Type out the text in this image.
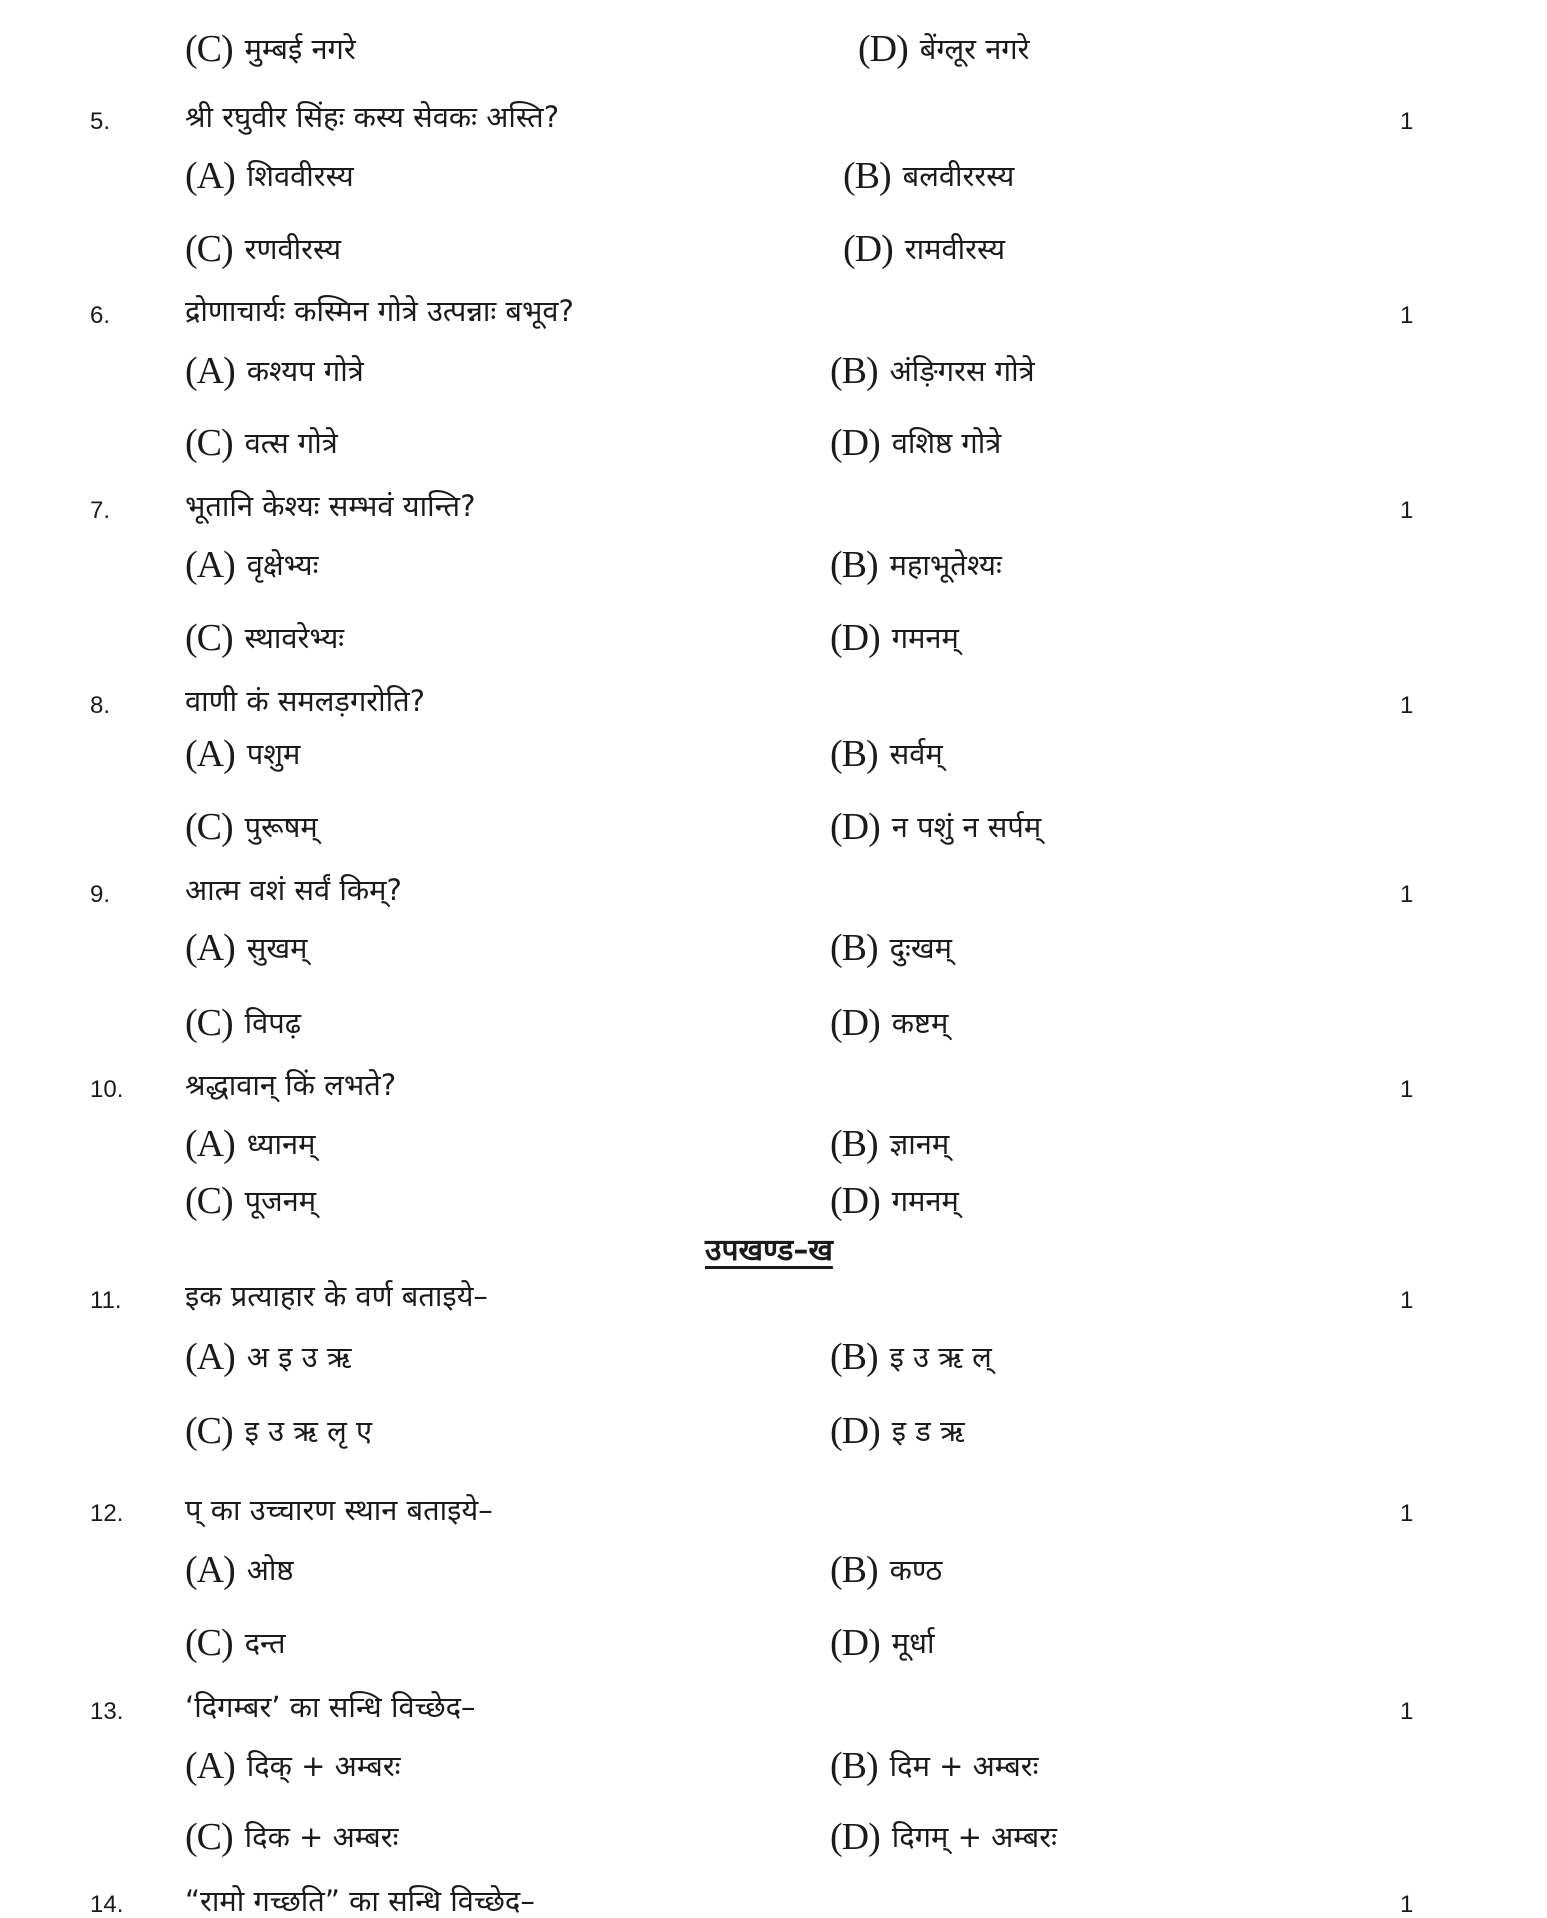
(C) मुम्बई नगरे	(D) बेंग्लूर नगरे
5.	श्री रघुवीर सिंहः कस्य सेवकः अस्ति?	1
(A) शिववीरस्य	(B) बलवीररस्य
(C) रणवीरस्य	(D) रामवीरस्य
6.	द्रोणाचार्यः कस्मिन गोत्रे उत्पन्नाः बभूव?	1
(A) कश्यप गोत्रे	(B) अंङ़िगरस गोत्रे
(C) वत्स गोत्रे	(D) वशिष्ठ गोत्रे
7.	भूतानि केश्यः सम्भवं यान्ति?	1
(A) वृक्षेभ्यः	(B) महाभूतेश्यः
(C) स्थावरेभ्यः	(D) गमनम्
8.	वाणी कं समलड़गरोति?	1
(A) पशुम	(B) सर्वम्
(C) पुरूषम्	(D) न पशुं न सर्पम्
9.	आत्म वशं सर्वं किम्?	1
(A) सुखम्	(B) दुःखम्
(C) विपढ़	(D) कष्टम्
10. श्रद्धावान् किं लभते?	1
(A) ध्यानम्	(B) ज्ञानम्
(C) पूजनम्	(D) गमनम्
उपखण्ड–ख
11. इक प्रत्याहार के वर्ण बताइये–	1
(A) अ इ उ ऋ	(B) इ उ ऋ ल्
(C) इ उ ऋ लृ ए	(D) इ ड ऋ
12. प् का उच्चारण स्थान बताइये–	1
(A) ओष्ठ	(B) कण्ठ
(C) दन्त	(D) मूर्धा
13. ‘दिगम्बर’ का सन्धि विच्छेद–	1
(A) दिक् + अम्बरः	(B) दिम + अम्बरः
(C) दिक + अम्बरः	(D) दिगम् + अम्बरः
14. “रामो गच्छति” का सन्धि विच्छेद–	1
